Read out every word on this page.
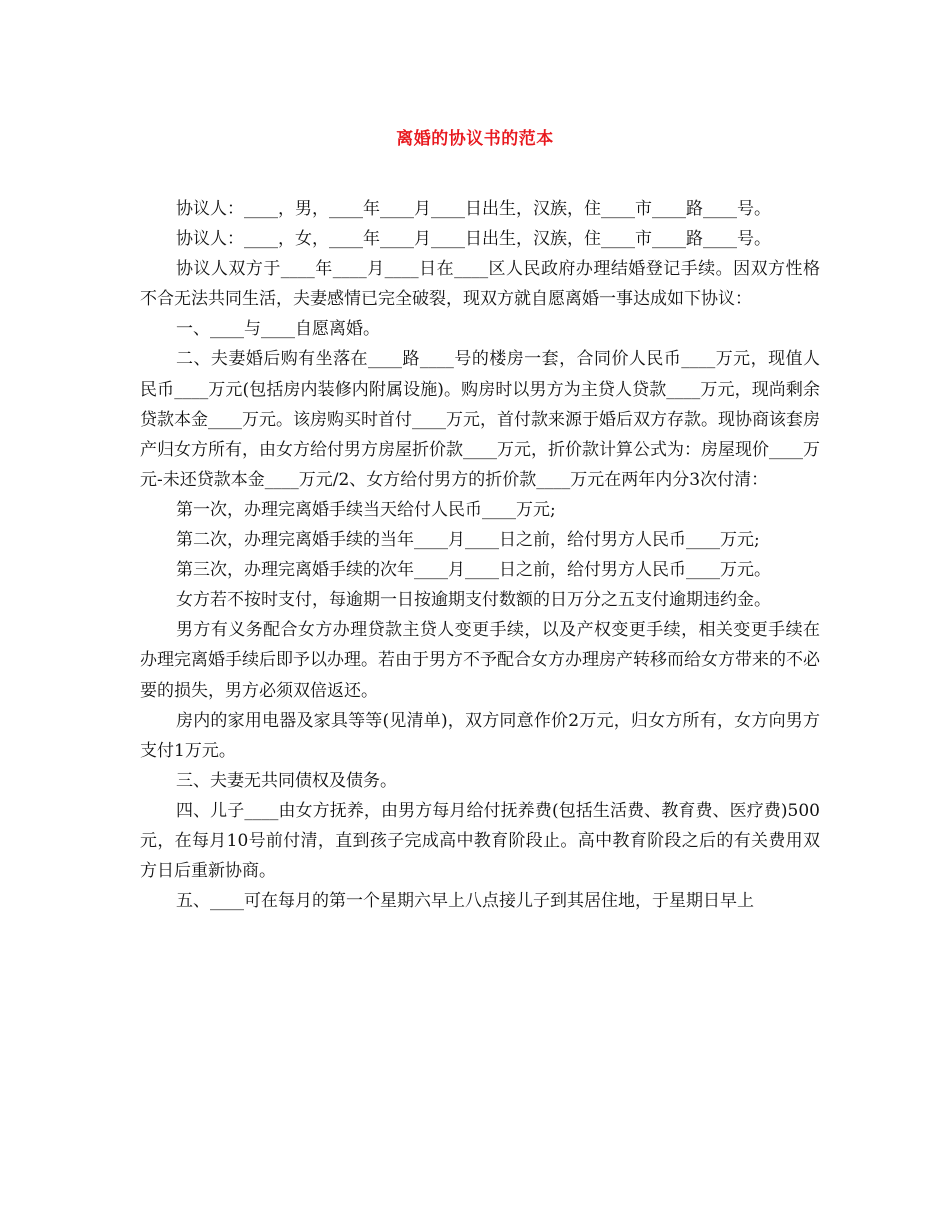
离婚的协议书的范本

协议人：____，男，____年____月____日出生，汉族，住____市____路____号。

协议人：____，女，____年____月____日出生，汉族，住____市____路____号。

协议人双方于____年____月____日在____区人民政府办理结婚登记手续。因双方性格不合无法共同生活，夫妻感情已完全破裂，现双方就自愿离婚一事达成如下协议：

一、____与____自愿离婚。

二、夫妻婚后购有坐落在____路____号的楼房一套，合同价人民币____万元，现值人民币____万元(包括房内装修内附属设施)。购房时以男方为主贷人贷款____万元，现尚剩余贷款本金____万元。该房购买时首付____万元，首付款来源于婚后双方存款。现协商该套房产归女方所有，由女方给付男方房屋折价款____万元，折价款计算公式为：房屋现价____万元-未还贷款本金____万元/2、女方给付男方的折价款____万元在两年内分3次付清：

第一次，办理完离婚手续当天给付人民币____万元;

第二次，办理完离婚手续的当年____月____日之前，给付男方人民币____万元;

第三次，办理完离婚手续的次年____月____日之前，给付男方人民币____万元。

女方若不按时支付，每逾期一日按逾期支付数额的日万分之五支付逾期违约金。

男方有义务配合女方办理贷款主贷人变更手续，以及产权变更手续，相关变更手续在办理完离婚手续后即予以办理。若由于男方不予配合女方办理房产转移而给女方带来的不必要的损失，男方必须双倍返还。

房内的家用电器及家具等等(见清单)，双方同意作价2万元，归女方所有，女方向男方支付1万元。

三、夫妻无共同债权及债务。

四、儿子____由女方抚养，由男方每月给付抚养费(包括生活费、教育费、医疗费)500元，在每月10号前付清，直到孩子完成高中教育阶段止。高中教育阶段之后的有关费用双方日后重新协商。

五、____可在每月的第一个星期六早上八点接儿子到其居住地，于星期日早上
